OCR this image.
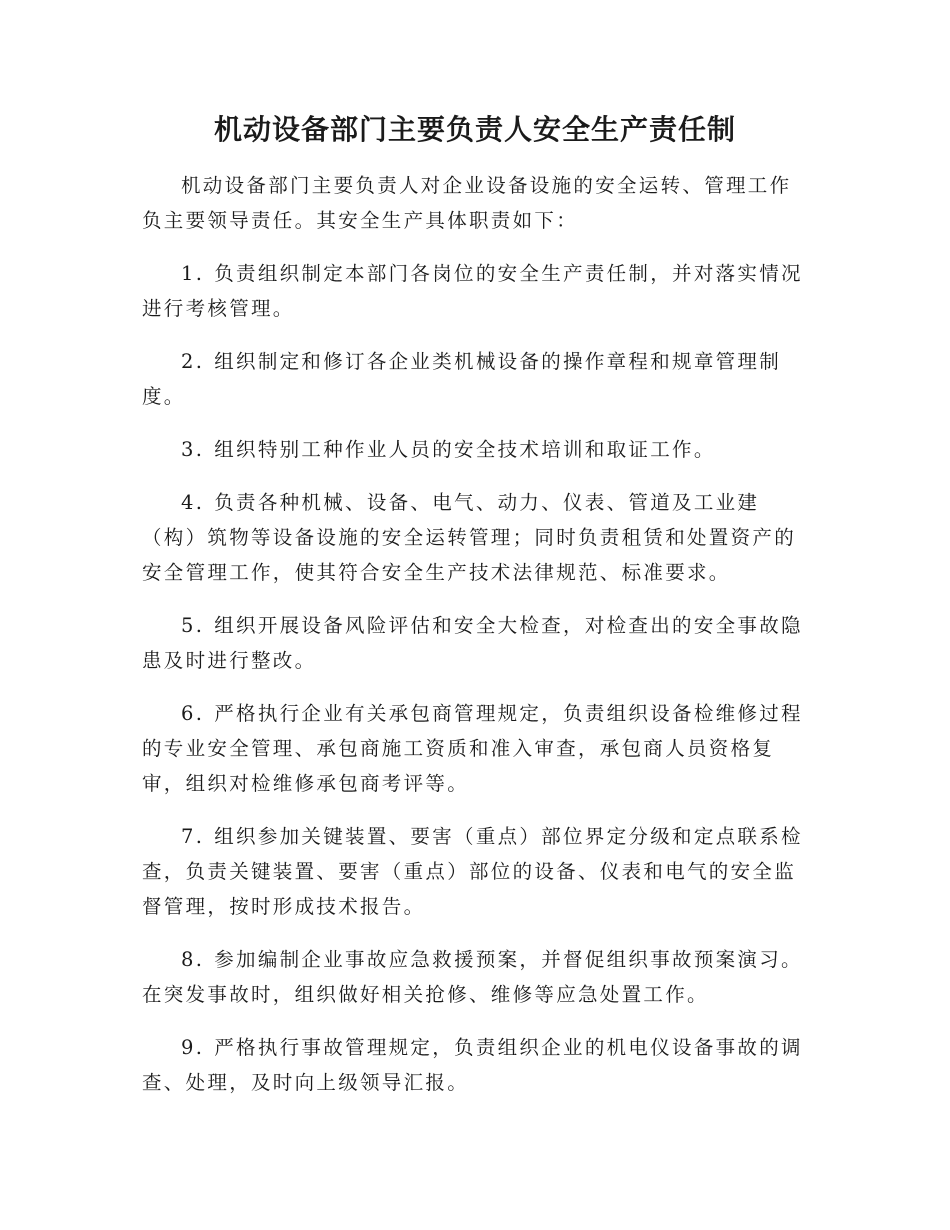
机动设备部门主要负责人安全生产责任制

机动设备部门主要负责人对企业设备设施的安全运转、管理工作负主要领导责任。其安全生产具体职责如下：

1. 负责组织制定本部门各岗位的安全生产责任制，并对落实情况进行考核管理。

2. 组织制定和修订各企业类机械设备的操作章程和规章管理制度。

3. 组织特别工种作业人员的安全技术培训和取证工作。

4. 负责各种机械、设备、电气、动力、仪表、管道及工业建（构）筑物等设备设施的安全运转管理；同时负责租赁和处置资产的安全管理工作，使其符合安全生产技术法律规范、标准要求。

5. 组织开展设备风险评估和安全大检查，对检查出的安全事故隐患及时进行整改。

6. 严格执行企业有关承包商管理规定，负责组织设备检维修过程的专业安全管理、承包商施工资质和准入审查，承包商人员资格复审，组织对检维修承包商考评等。

7. 组织参加关键装置、要害（重点）部位界定分级和定点联系检查，负责关键装置、要害（重点）部位的设备、仪表和电气的安全监督管理，按时形成技术报告。

8. 参加编制企业事故应急救援预案，并督促组织事故预案演习。在突发事故时，组织做好相关抢修、维修等应急处置工作。

9. 严格执行事故管理规定，负责组织企业的机电仪设备事故的调查、处理，及时向上级领导汇报。
